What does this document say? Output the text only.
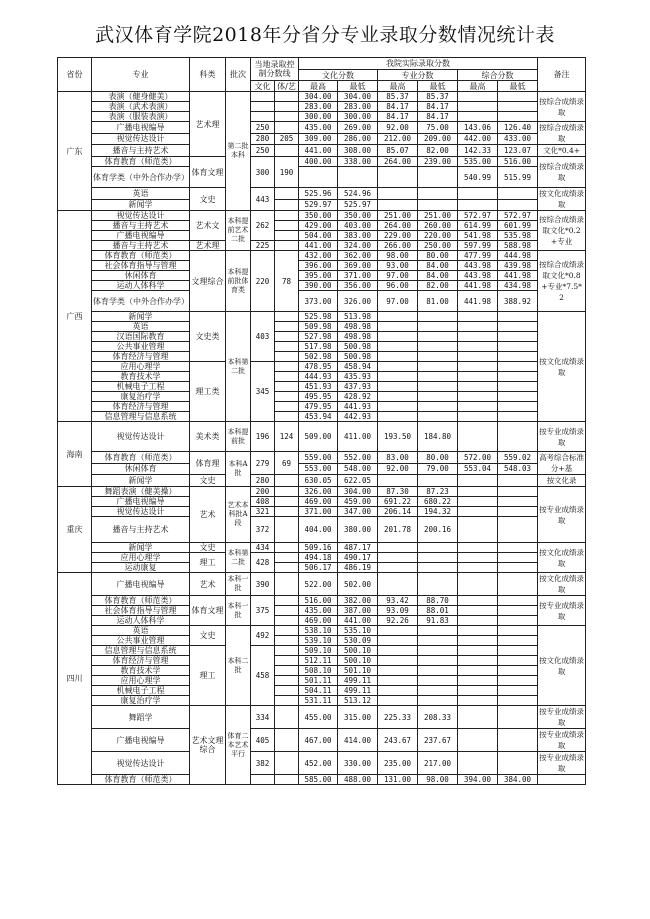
武汉体育学院2018年分省分专业录取分数情况统计表
省份	专业	科类	批次	当地录取控制分数线		我院实际录取分数						备注
						文化分数		专业分数		综合分数		
				文化	体/艺	最高	最低	最高	最低	最高	最低	
广东	表演（健身健美）	艺术理	第二批本科			304.00	304.00	85.37	85.37			按综合成绩录取
	表演（武术表演）					283.00	283.00	84.17	84.17			
	表演（服装表演）					300.00	300.00	84.17	84.17			
	广播电视编导			250		435.00	269.00	92.00	75.00	143.06	126.40	按综合成绩录取
	视觉传达设计			280	205	309.00	286.00	212.00	209.00	442.00	433.00	
	播音与主持艺术			250		441.00	308.00	85.07	82.00	142.33	123.07	文化*0.4+
	体育教育（师范类）	体育文理		300	190	400.00	338.00	264.00	239.00	535.00	516.00	按综合成绩录取
	体育学类（中外合作办学）									540.99	515.99	
	英语	文史		443		525.96	524.96					按文化成绩录取
	新闻学					529.97	525.97					
广西	视觉传达设计	艺术文	本科提前艺术二批	262		350.00	350.00	251.00	251.00	572.97	572.97	按综合成绩录取文化*0.2+专业
	播音与主持艺术					429.00	403.00	264.00	260.00	614.99	601.99	
	广播电视编导					504.00	383.00	229.00	220.00	541.98	535.98	
	播音与主持艺术	艺术理		225		441.00	324.00	266.00	250.00	597.99	588.98	
	体育教育（师范类）	文理综合	本科提前批体育类	220	78	432.00	362.00	98.00	80.00	477.99	444.98	按综合成绩录取文化*0.8+专业*7.5*2
	社会体育指导与管理					396.00	369.00	93.00	84.00	443.98	439.98	
	休闲体育					395.00	371.00	97.00	84.00	443.98	441.98	
	运动人体科学					390.00	356.00	96.00	82.00	441.98	434.98	
	体育学类（中外合作办学）					373.00	326.00	97.00	81.00	441.98	388.92	
	新闻学	文史类	本科第二批	403		525.98	513.98					按文化成绩录取
	英语					509.98	498.98					
	汉语国际教育					527.98	498.98					
	公共事业管理					517.98	500.98					
	体育经济与管理					502.98	500.98					
	应用心理学	理工类		345		478.95	458.94					
	教育技术学					444.93	435.93					
	机械电子工程					451.93	437.93					
	康复治疗学					495.95	428.92					
	体育经济与管理					479.95	441.93					
	信息管理与信息系统					453.94	442.93					
海南	视觉传达设计	美术类	本科提前批	196	124	509.00	411.00	193.50	184.80			按专业成绩录取
	体育教育（师范类）	体育理	本科A批	279	69	559.00	552.00	83.00	80.00	572.00	559.02	高考综合标准分+基
	休闲体育					553.00	548.00	92.00	79.00	553.04	548.03	
	新闻学	文史		280		630.05	622.05					按文化录
重庆	舞蹈表演（健美操）	艺术	艺术本科批A段	200		326.00	304.00	87.30	87.23			按专业成绩录取
	广播电视编导			408		469.00	459.00	691.22	680.22			
	视觉传达设计			321		371.00	347.00	206.14	194.32			
	播音与主持艺术			372		404.00	380.00	201.78	200.16			
	新闻学	文史	本科第二批	434		509.16	487.17					按文化成绩录取
	应用心理学	理工		428		494.18	490.17					
	运动康复					506.17	486.19					
四川	广播电视编导	艺术	本科一批	390		522.00	502.00					按文化成绩录取
	体育教育（师范类）	体育文理	本科一批	375		516.00	382.00	93.42	88.70			按专业成绩录取
	社会体育指导与管理					435.00	387.00	93.09	88.01			
	运动人体科学					469.00	441.00	92.26	91.83			
	英语	文史	本科二批	492		538.10	535.10					按文化成绩录取
	公共事业管理					539.10	530.09					
	信息管理与信息系统	理工		458		509.10	500.10					
	体育经济与管理					512.11	500.10					
	教育技术学					508.10	501.10					
	应用心理学					501.11	499.11					
	机械电子工程					504.11	499.11					
	康复治疗学					531.11	513.12					
	舞蹈学	艺术文理综合	体育二本艺术平行	334		455.00	315.00	225.33	208.33			按专业成绩录取
	广播电视编导			405		467.00	414.00	243.67	237.67			按专业成绩录取
	视觉传达设计			382		452.00	330.00	235.00	217.00			按专业成绩录取
	体育教育（师范类）					585.00	488.00	131.00	98.00	394.00	384.00	
